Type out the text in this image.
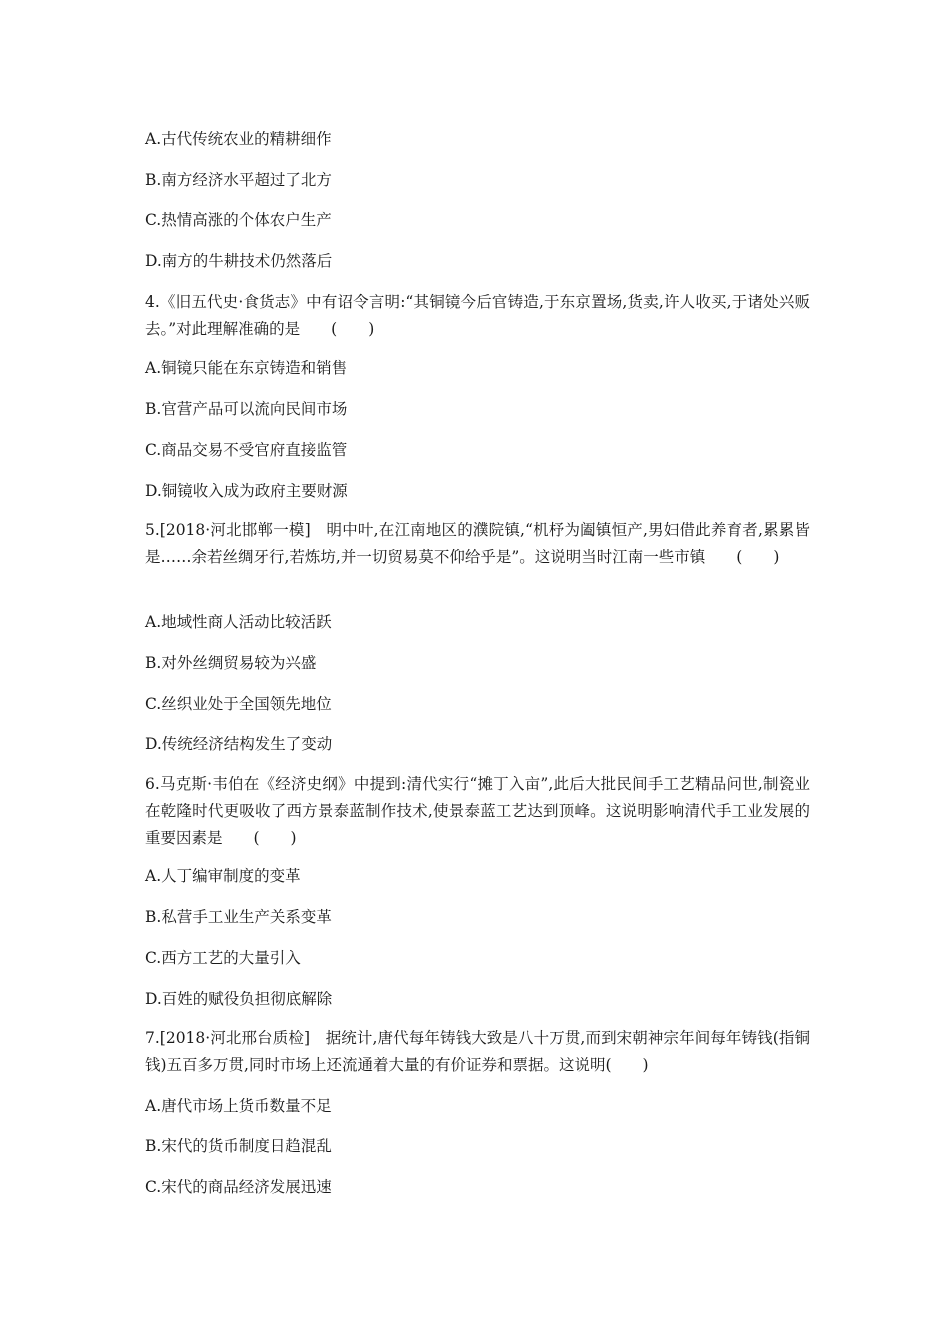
A.古代传统农业的精耕细作
B.南方经济水平超过了北方
C.热情高涨的个体农户生产
D.南方的牛耕技术仍然落后
4.《旧五代史·食货志》中有诏令言明:“其铜镜今后官铸造,于东京置场,货卖,许人收买,于诸处兴贩去。”对此理解准确的是　　(　　)
A.铜镜只能在东京铸造和销售
B.官营产品可以流向民间市场
C.商品交易不受官府直接监管
D.铜镜收入成为政府主要财源
5.[2018·河北邯郸一模]　明中叶,在江南地区的濮院镇,“机杼为阖镇恒产,男妇借此养育者,累累皆是……余若丝绸牙行,若炼坊,并一切贸易莫不仰给乎是”。这说明当时江南一些市镇　　(　　)
A.地域性商人活动比较活跃
B.对外丝绸贸易较为兴盛
C.丝织业处于全国领先地位
D.传统经济结构发生了变动
6.马克斯·韦伯在《经济史纲》中提到:清代实行“摊丁入亩”,此后大批民间手工艺精品问世,制瓷业在乾隆时代更吸收了西方景泰蓝制作技术,使景泰蓝工艺达到顶峰。这说明影响清代手工业发展的重要因素是　　(　　)
A.人丁编审制度的变革
B.私营手工业生产关系变革
C.西方工艺的大量引入
D.百姓的赋役负担彻底解除
7.[2018·河北邢台质检]　据统计,唐代每年铸钱大致是八十万贯,而到宋朝神宗年间每年铸钱(指铜钱)五百多万贯,同时市场上还流通着大量的有价证券和票据。这说明(　　)
A.唐代市场上货币数量不足
B.宋代的货币制度日趋混乱
C.宋代的商品经济发展迅速
